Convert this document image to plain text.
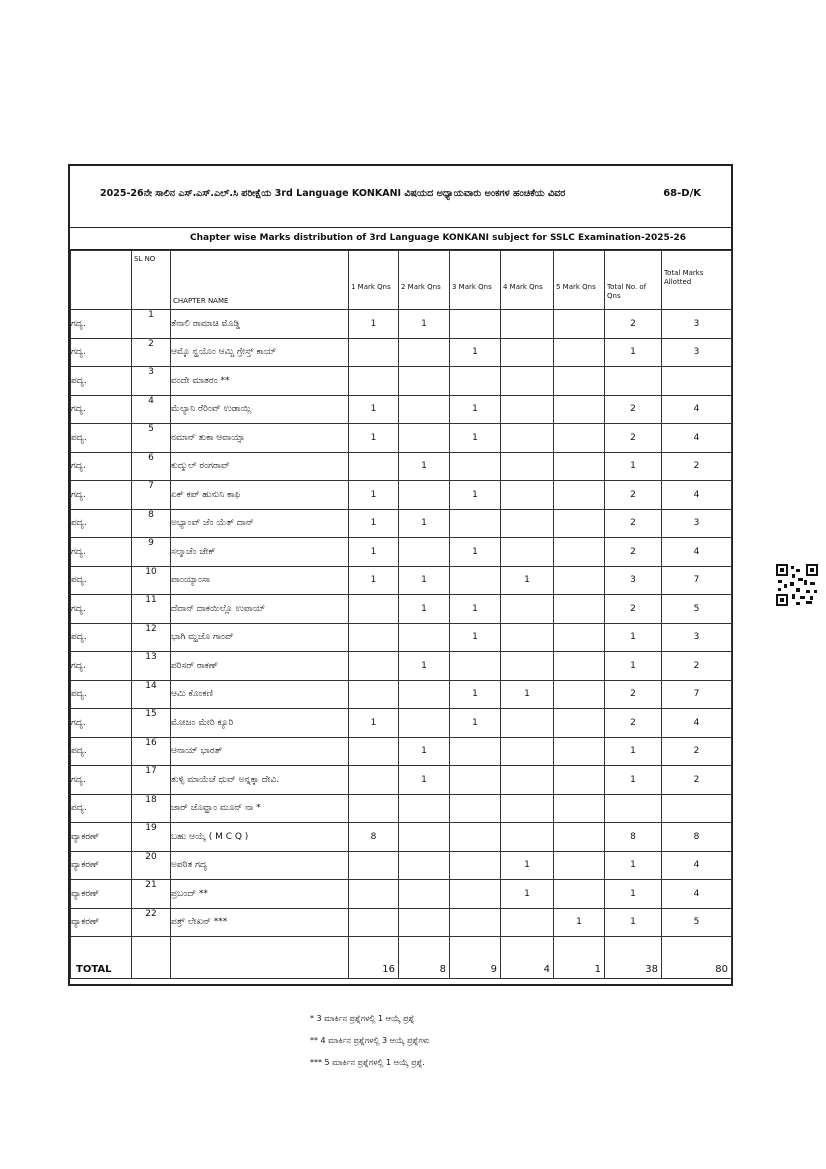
2025-26ನೇ ಸಾಲಿನ ಎಸ್.ಎಸ್.ಎಲ್.ಸಿ ಪರೀಕ್ಷೆಯ 3rd Language KONKANI ವಿಷಯದ ಅಧ್ಯಾಯವಾರು ಅಂಕಗಳ ಹಂಚಿಕೆಯ ವಿವರ	68-D/K
Chapter wise Marks distribution of 3rd Language KONKANI subject for SSLC Examination-2025-26

	SL NO	CHAPTER NAME	1 Mark Qns	2 Mark Qns	3 Mark Qns	4 Mark Qns	5 Mark Qns	Total No. of Qns	Total Marks Allotted

ಗದ್ಯ.	1	ತೆನಾಲಿ ರಾಮಾಚಿ ಮೊಡ್ಡಿ	1	1				2	3
ಗದ್ಯ.	2	ಆಮ್ಕೊ ನ್ಹಯೊಂ ಆಮ್ಚಿ ಗ್ರೇಸ್ತ್ ಕಾಯ್			1			1	3
ಪದ್ಯ.	3	ವಂದೇ ಮಾತರಂ **							
ಗದ್ಯ.	4	ಮೆಲ್ಯಾನಿ ರೆರಿಂವ್ ಉಡಾಯ್ಲಿ	1		1			2	4
ಪದ್ಯ.	5	ನಮಾನ್ ತುಕಾ ಆವಾಯ್ಸಾ	1		1			2	4
ಗದ್ಯ.	6	ಕುದ್ಮುಲ್ ರಂಗರಾವ್		1				1	2
ಗದ್ಯ.	7	ಏಕ್ ಕಪ್ ಹುನುನಿ ಕಾಫಿ	1		1			2	4
ಪದ್ಯ.	8	ಅಭ್ಯಾಂವ್ ಜೆಂ ಯೆತ್ ದಾನ್	1	1				2	3
ಗದ್ಯ.	9	ಸಲ್ಮಾಚೆಂ ಜೇಕ್	1		1			2	4
ಪದ್ಯ.	10	ಪಾಂಯ್ಯಾಂಸಾ	1	1		1		3	7
ಗದ್ಯ.	11	ದೆವಾನ್ ದಾಕಯಿಲ್ಲೊ ಉಪಾಯ್		1	1			2	5
ಪದ್ಯ.	12	ಭಾಗಿ ಮ್ಹಜೊ ಗಾಂವ್			1			1	3
ಗದ್ಯ.	13	ಪರಿಸರ್ ರಾಕಣ್		1				1	2
ಪದ್ಯ.	14	ಆಮಿ ಕೊಂಕಣಿ			1	1		2	7
ಗದ್ಯ.	15	ಮೋಜಂ ಮೇರಿ ಕ್ಯೂರಿ	1		1			2	4
ಪದ್ಯ.	16	ಆನಾಯ್ ಭಾರತ್		1				1	2
ಗದ್ಯ.	17	ತುಳ್ಸಿ ಮಾಯೆಚೆ ಧುವ್ ಅನ್ನಕ್ಕಾ ದೇವಿ.		1				1	2
ಪದ್ಯ.	18	ಜಾರ್ ಜೊವ್ಹಾಂ ಮೂನ್ ನಾ *							
ವ್ಯಾಕರಣ್	19	ಬಹು ಆಯ್ಕೆ ( M C Q )	8					8	8
ವ್ಯಾಕರಣ್	20	ಅಪಠಿತ ಗದ್ಯ				1		1	4
ವ್ಯಾಕರಣ್	21	ಪ್ರಬಂದ್ **				1		1	4
ವ್ಯಾಕರಣ್	22	ಪತ್ರ್ ಲೇಖನ್ ***					1	1	5
TOTAL			16	8	9	4	1	38	80
* 3 ಮಾರ್ಕಿನ ಪ್ರಶ್ನೆಗಳಲ್ಲಿ 1 ಆಯ್ಕೆ ಪ್ರಶ್ನೆ
** 4 ಮಾರ್ಕಿನ ಪ್ರಶ್ನೆಗಳಲ್ಲಿ 3 ಆಯ್ಕೆ ಪ್ರಶ್ನೆಗಳು
*** 5 ಮಾರ್ಕಿನ ಪ್ರಶ್ನೆಗಳಲ್ಲಿ 1 ಆಯ್ಕೆ ಪ್ರಶ್ನೆ.
